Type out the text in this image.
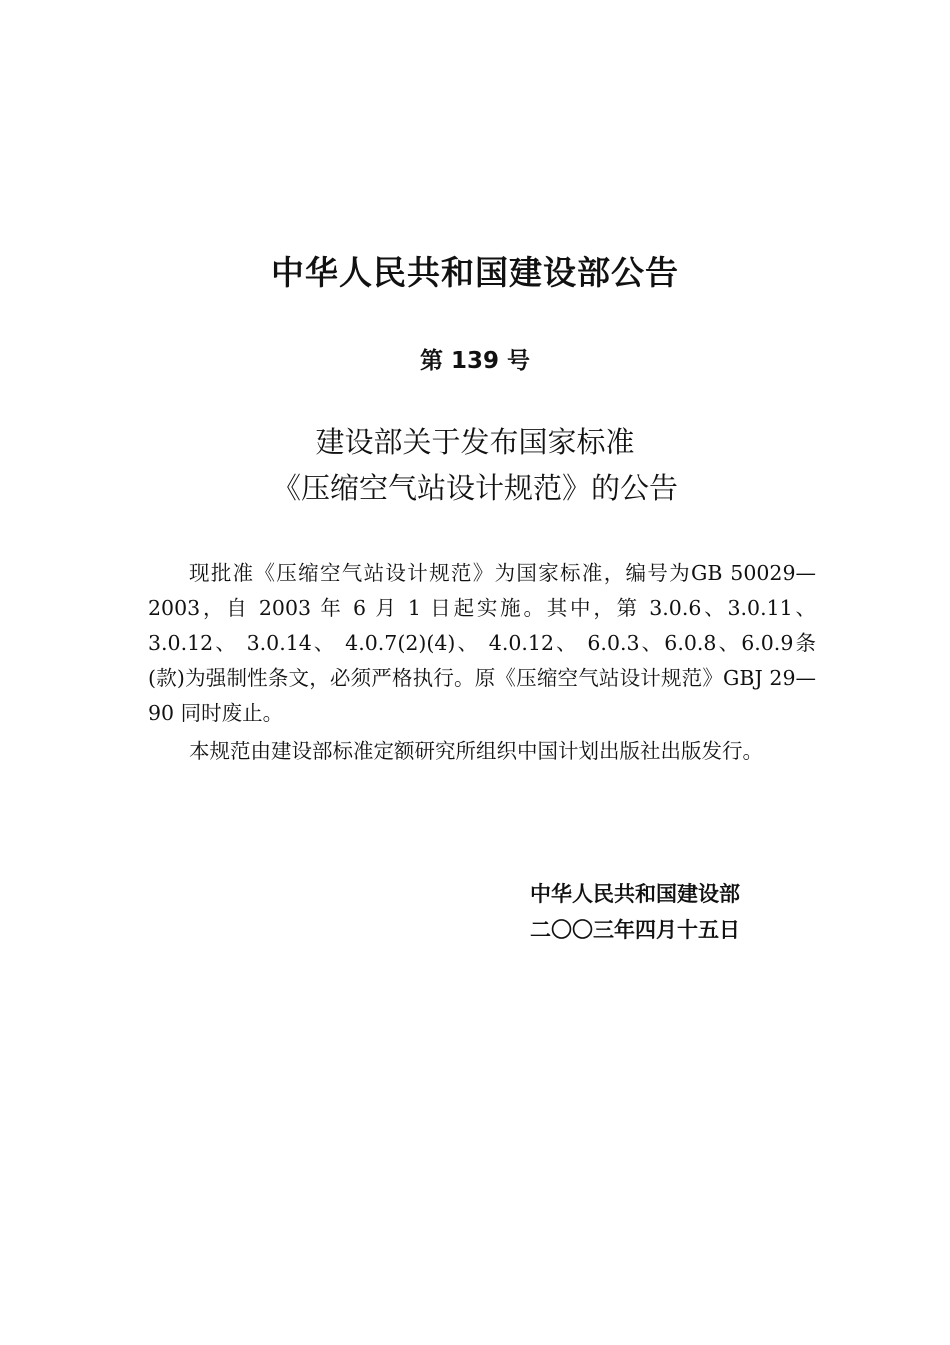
中华人民共和国建设部公告
第 139 号
建设部关于发布国家标准
《压缩空气站设计规范》的公告

现批准《压缩空气站设计规范》为国家标准，编号为GB 50029—2003，自 2003 年 6 月 1 日起实施。其中，第 3.0.6、3.0.11、 3.0.12、 3.0.14、 4.0.7(2)(4)、 4.0.12、 6.0.3、6.0.8、6.0.9条(款)为强制性条文，必须严格执行。原《压缩空气站设计规范》GBJ 29—90 同时废止。

本规范由建设部标准定额研究所组织中国计划出版社出版发行。

中华人民共和国建设部
二〇〇三年四月十五日
